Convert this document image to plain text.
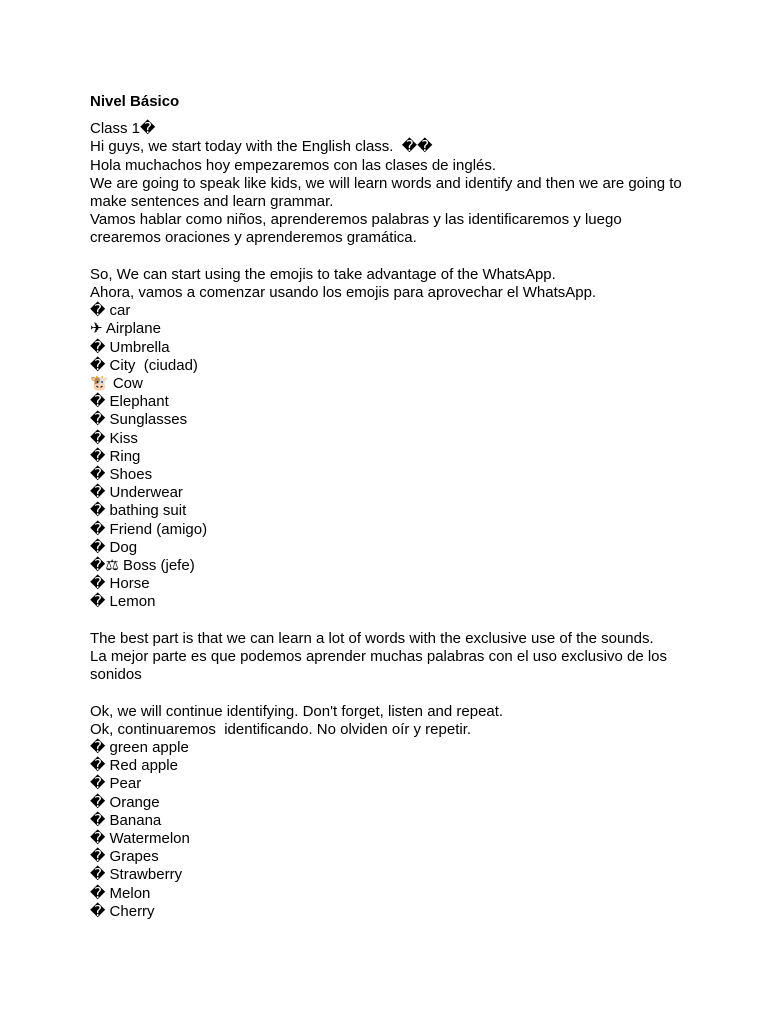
Nivel Básico
Class 1�
Hi guys, we start today with the English class.  ��
Hola muchachos hoy empezaremos con las clases de inglés.
We are going to speak like kids, we will learn words and identify and then we are going to make sentences and learn grammar.
Vamos hablar como niños, aprenderemos palabras y las identificaremos y luego crearemos oraciones y aprenderemos gramática.
So, We can start using the emojis to take advantage of the WhatsApp.
Ahora, vamos a comenzar usando los emojis para aprovechar el WhatsApp.
� car
✈ Airplane
� Umbrella
� City  (ciudad)
🐮 Cow
� Elephant
� Sunglasses
� Kiss
� Ring
� Shoes
� Underwear
� bathing suit
� Friend (amigo)
� Dog
�⚖ Boss (jefe)
� Horse
� Lemon
The best part is that we can learn a lot of words with the exclusive use of the sounds.
La mejor parte es que podemos aprender muchas palabras con el uso exclusivo de los sonidos
Ok, we will continue identifying. Don't forget, listen and repeat.
Ok, continuaremos  identificando. No olviden oír y repetir.
� green apple
� Red apple
� Pear
� Orange
� Banana
� Watermelon
� Grapes
� Strawberry
� Melon
� Cherry
